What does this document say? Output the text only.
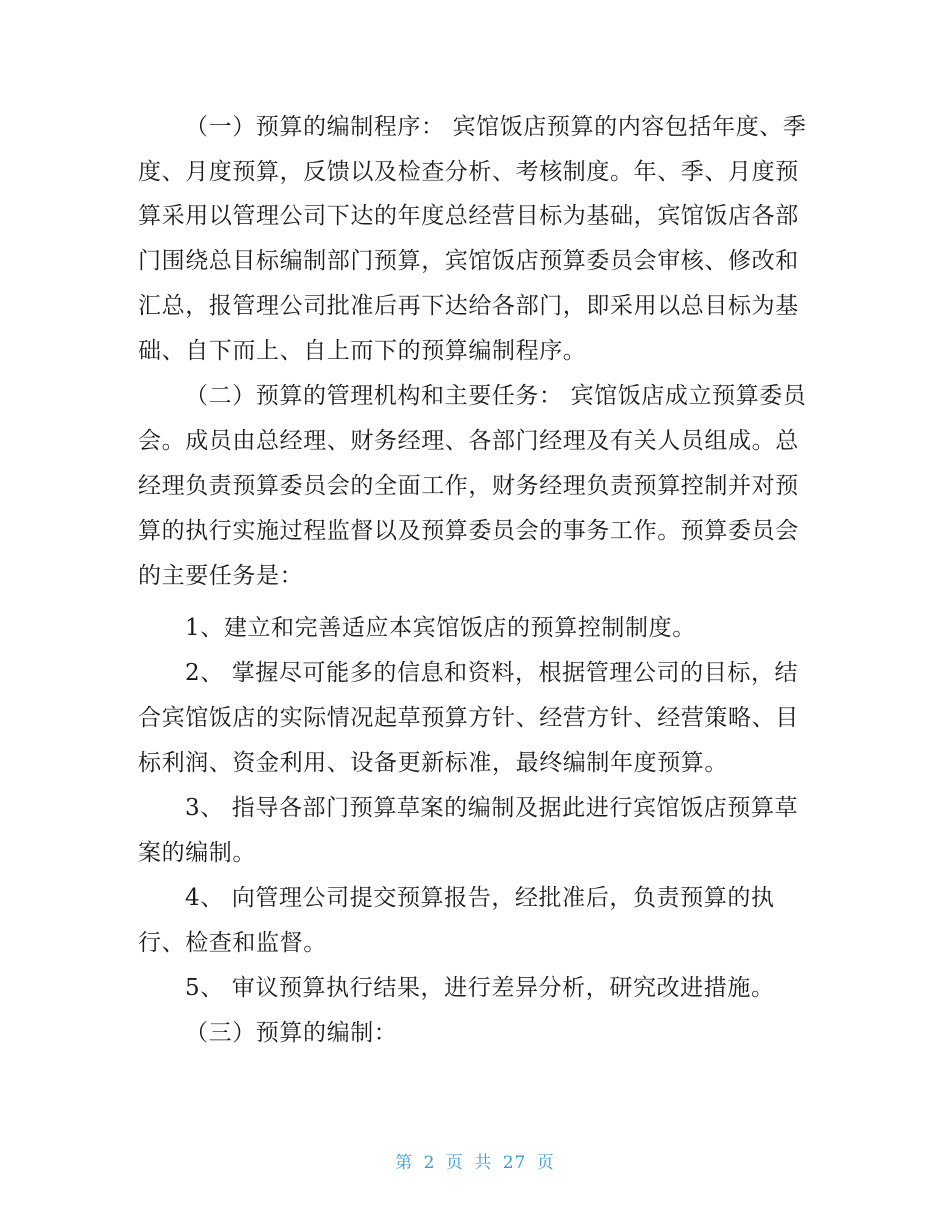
（一）预算的编制程序： 宾馆饭店预算的内容包括年度、季
度、月度预算，反馈以及检查分析、考核制度。年、季、月度预
算采用以管理公司下达的年度总经营目标为基础，宾馆饭店各部
门围绕总目标编制部门预算，宾馆饭店预算委员会审核、修改和
汇总，报管理公司批准后再下达给各部门，即采用以总目标为基
础、自下而上、自上而下的预算编制程序。
（二）预算的管理机构和主要任务： 宾馆饭店成立预算委员
会。成员由总经理、财务经理、各部门经理及有关人员组成。总
经理负责预算委员会的全面工作，财务经理负责预算控制并对预
算的执行实施过程监督以及预算委员会的事务工作。预算委员会
的主要任务是：
1、建立和完善适应本宾馆饭店的预算控制制度。
2、 掌握尽可能多的信息和资料，根据管理公司的目标，结
合宾馆饭店的实际情况起草预算方针、经营方针、经营策略、目
标利润、资金利用、设备更新标准，最终编制年度预算。
3、 指导各部门预算草案的编制及据此进行宾馆饭店预算草
案的编制。
4、 向管理公司提交预算报告，经批准后，负责预算的执
行、检查和监督。
5、 审议预算执行结果，进行差异分析，研究改进措施。
（三）预算的编制：
第 2 页 共 27 页
